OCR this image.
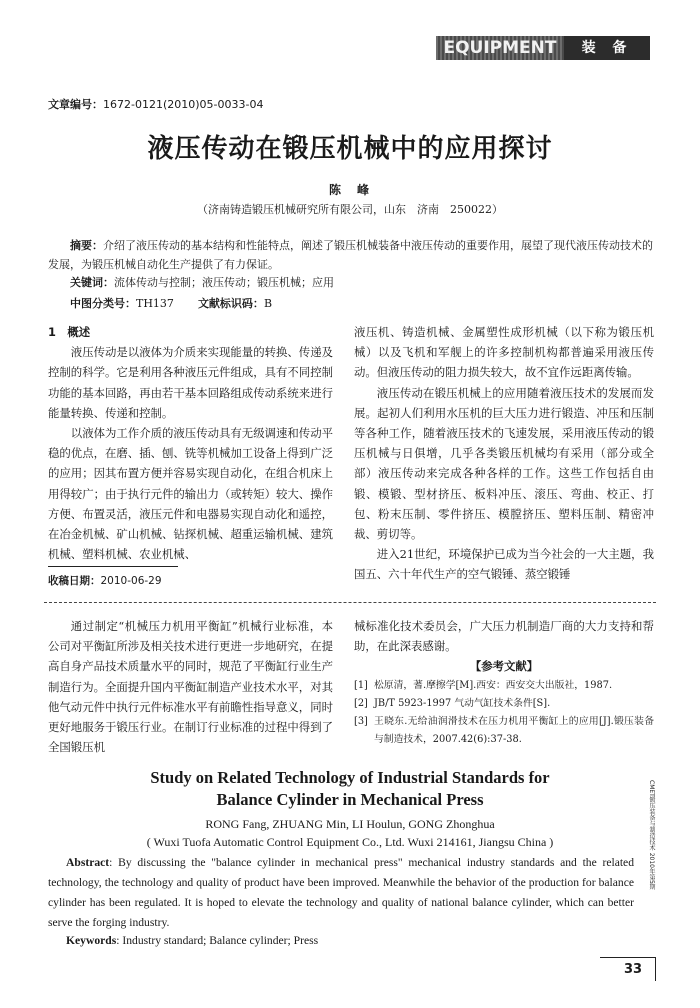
EQUIPMENT	装 备
文章编号：1672-0121(2010)05-0033-04
液压传动在锻压机械中的应用探讨
陈　峰
（济南铸造锻压机械研究所有限公司，山东　济南　250022）

摘要：介绍了液压传动的基本结构和性能特点，阐述了锻压机械装备中液压传动的重要作用，展望了现代液压传动技术的发展，为锻压机械自动化生产提供了有力保证。

关键词：流体传动与控制；液压传动；锻压机械；应用
中图分类号：TH137 文献标识码：B

1　概述

液压传动是以液体为介质来实现能量的转换、传递及控制的科学。它是利用各种液压元件组成，具有不同控制功能的基本回路，再由若干基本回路组成传动系统来进行能量转换、传递和控制。

以液体为工作介质的液压传动具有无级调速和传动平稳的优点，在磨、插、刨、铣等机械加工设备上得到广泛的应用；因其布置方便并容易实现自动化，在组合机床上用得较广；由于执行元件的输出力（或转矩）较大、操作方便、布置灵活，液压元件和电器易实现自动化和遥控，在冶金机械、矿山机械、钻探机械、超重运输机械、建筑机械、塑料机械、农业机械、

收稿日期：2010-06-29

液压机、铸造机械、金属塑性成形机械（以下称为锻压机械）以及飞机和军舰上的许多控制机构都普遍采用液压传动。但液压传动的阻力损失较大，故不宜作远距离传输。

液压传动在锻压机械上的应用随着液压技术的发展而发展。起初人们利用水压机的巨大压力进行锻造、冲压和压制等各种工作，随着液压技术的飞速发展，采用液压传动的锻压机械与日俱增，几乎各类锻压机械均有采用（部分或全部）液压传动来完成各种各样的工作。这些工作包括自由锻、模锻、型材挤压、板料冲压、滚压、弯曲、校正、打包、粉末压制、零件挤压、模膛挤压、塑料压制、精密冲裁、剪切等。

进入21世纪，环境保护已成为当今社会的一大主题，我国五、六十年代生产的空气锻锤、蒸空锻锤

通过制定“机械压力机用平衡缸”机械行业标准，本公司对平衡缸所涉及相关技术进行更进一步地研究，在提高自身产品技术质量水平的同时，规范了平衡缸行业生产制造行为。全面提升国内平衡缸制造产业技术水平，对其他气动元件中执行元件标准水平有前瞻性指导意义，同时更好地服务于锻压行业。在制订行业标准的过程中得到了全国锻压机

械标准化技术委员会，广大压力机制造厂商的大力支持和帮助，在此深表感谢。

【参考文献】

[1] 松原清，蓍.摩擦学[M].西安：西安交大出版社，1987.
[2] JB/T 5923-1997 气动气缸技术条件[S].
[3] 王晓东.无给油润滑技术在压力机用平衡缸上的应用[J].锻压装备与制造技术，2007.42(6):37-38.
Study on Related Technology of Industrial Standards for
Balance Cylinder in Mechanical Press
RONG Fang, ZHUANG Min, LI Houlun, GONG Zhonghua
( Wuxi Tuofa Automatic Control Equipment Co., Ltd. Wuxi 214161, Jiangsu China )
Abstract: By discussing the "balance cylinder in mechanical press" mechanical industry standards and the related technology, the technology and quality of product have been improved. Meanwhile the behavior of the production for balance cylinder has been regulated. It is hoped to elevate the technology and quality of national balance cylinder, which can better serve the forging industry.
Keywords: Industry standard; Balance cylinder; Press
CMET锻压装备与制造技术 2010年第5期
33
